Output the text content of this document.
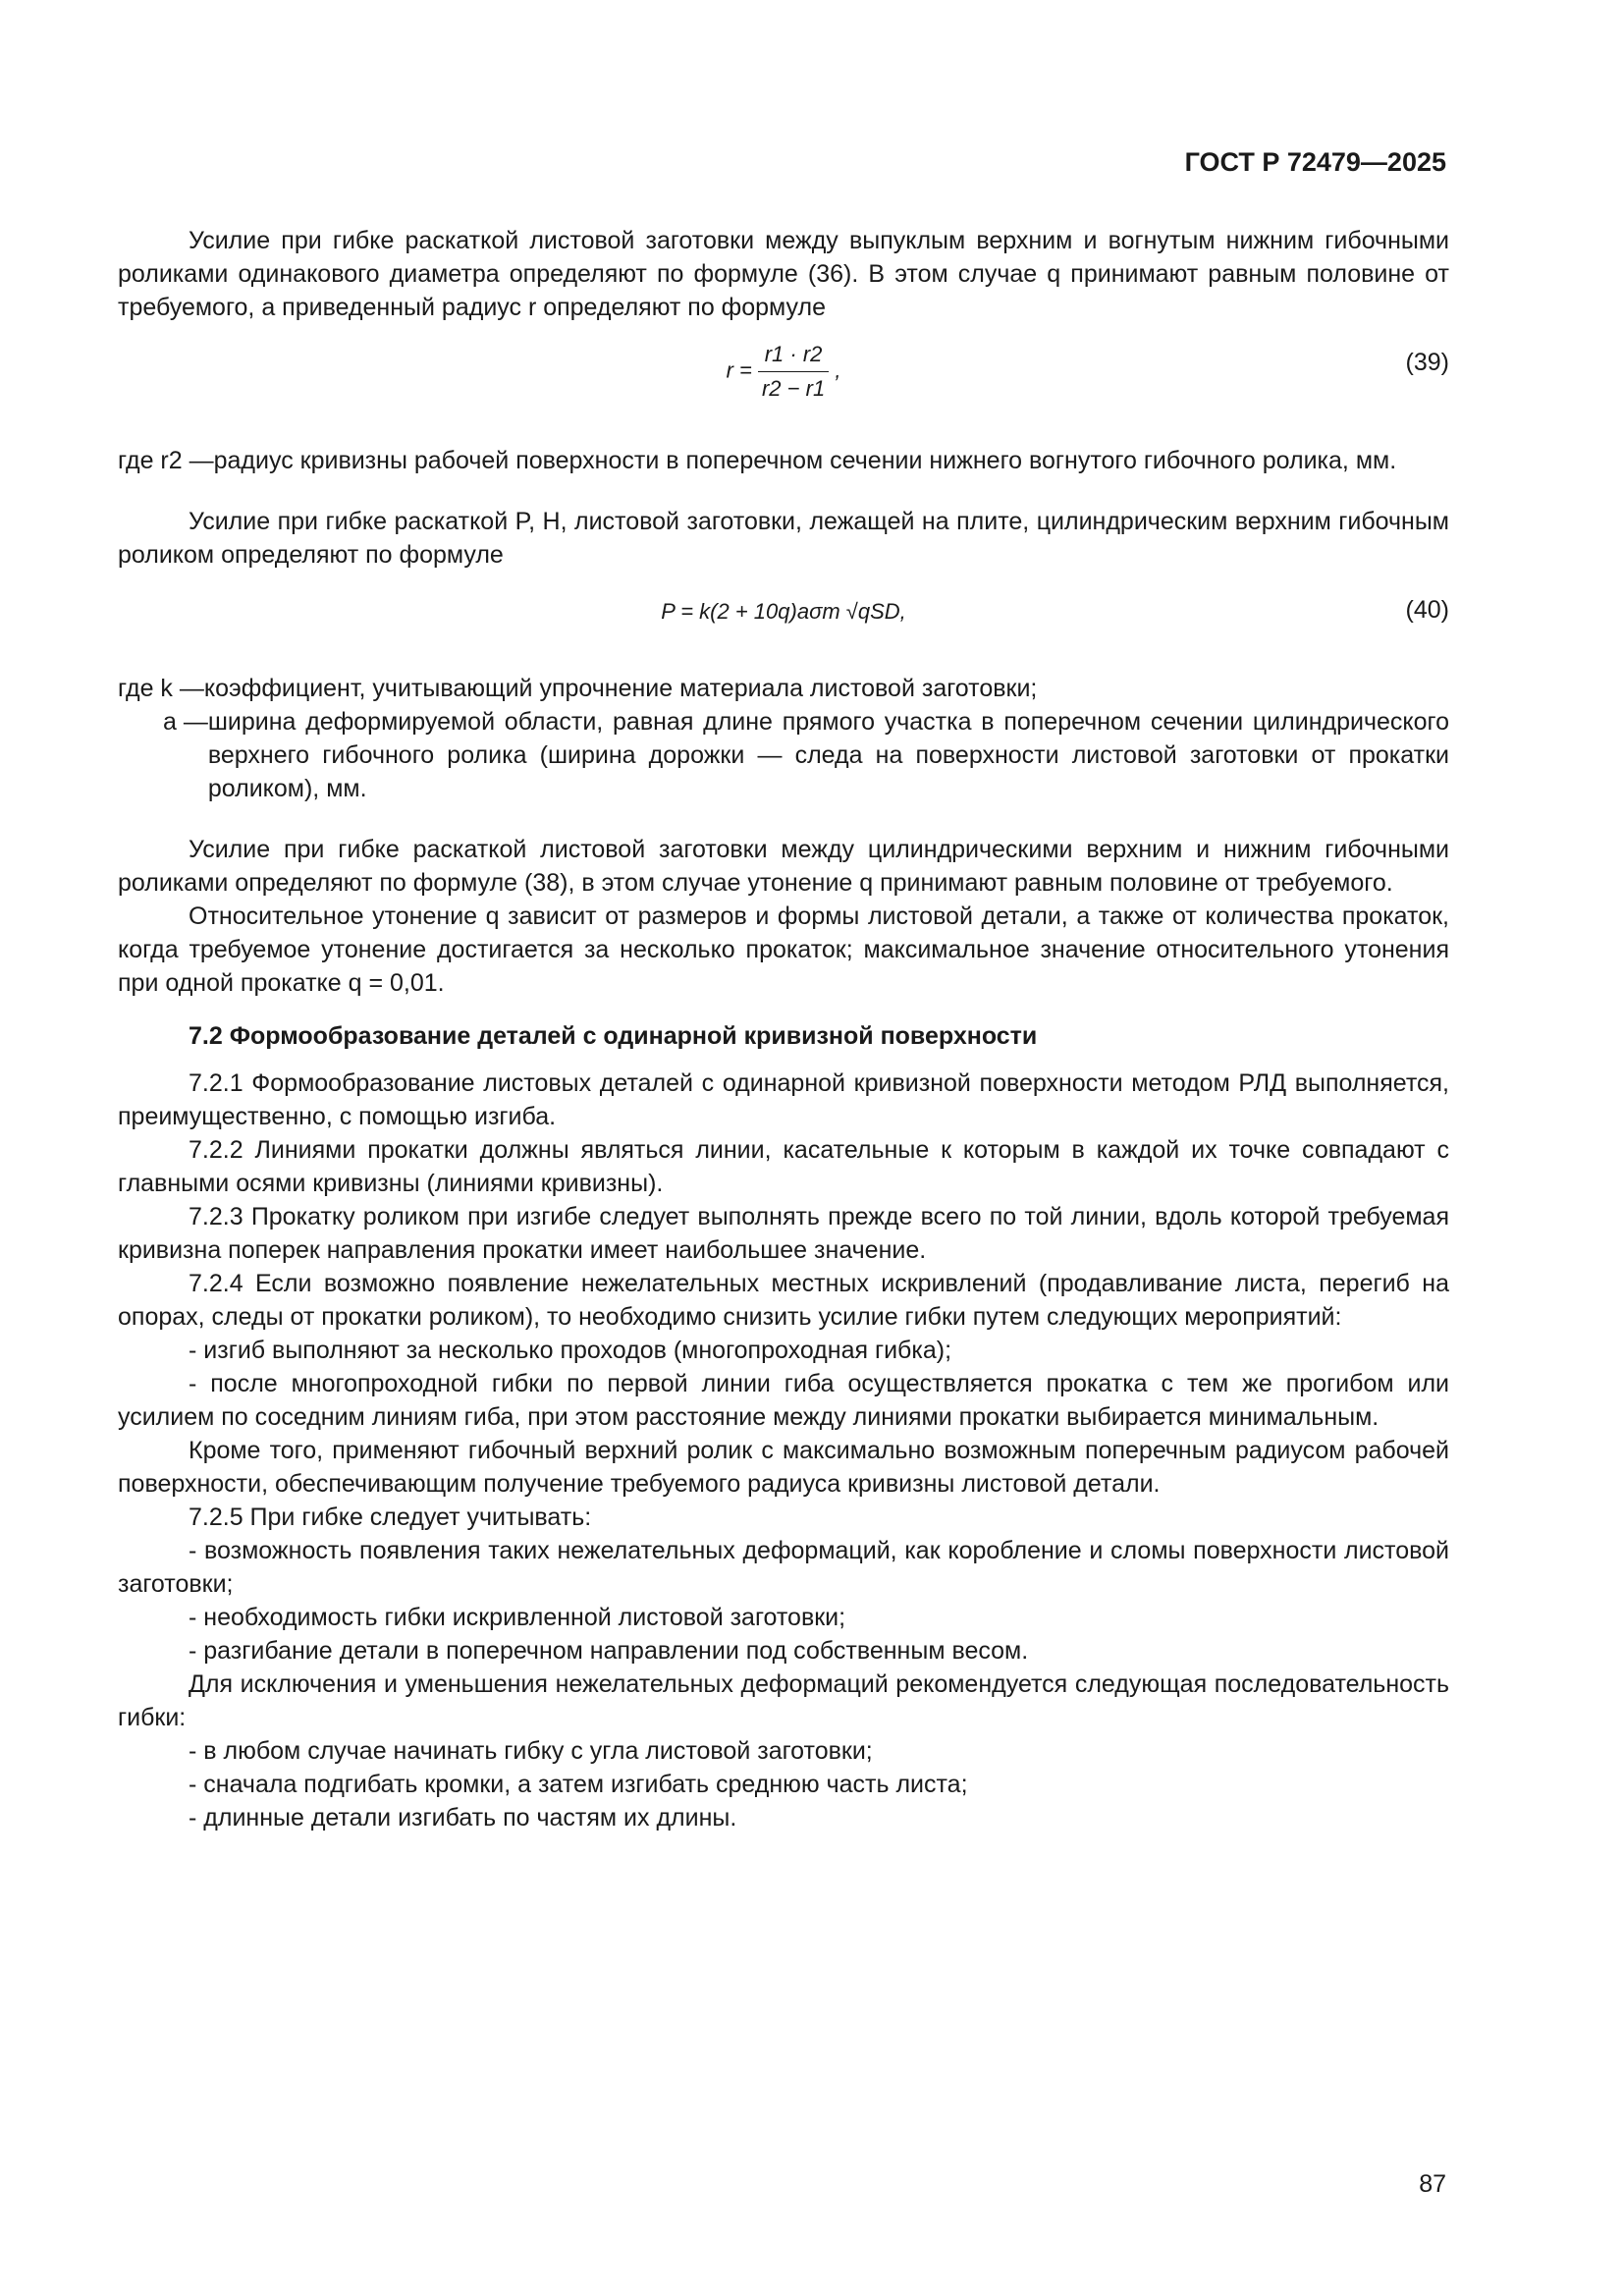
ГОСТ Р 72479—2025

Усилие при гибке раскаткой листовой заготовки между выпуклым верхним и вогнутым нижним гибочными роликами одинакового диаметра определяют по формуле (36). В этом случае q принимают равным половине от требуемого, а приведенный радиус r определяют по формуле

$r = \frac{r1 \cdot r2}{r2 - r1}$ ,	(39)
где r2 — радиус кривизны рабочей поверхности в поперечном сечении нижнего вогнутого гибочного ролика, мм.

Усилие при гибке раскаткой P, Н, листовой заготовки, лежащей на плите, цилиндрическим верхним гибочным роликом определяют по формуле

P = k(2 + 10q)aσт √qSD,	(40)
где k — коэффициент, учитывающий упрочнение материала листовой заготовки;
a — ширина деформируемой области, равная длине прямого участка в поперечном сечении цилиндрического верхнего гибочного ролика (ширина дорожки — следа на поверхности листовой заготовки от прокатки роликом), мм.

Усилие при гибке раскаткой листовой заготовки между цилиндрическими верхним и нижним гибочными роликами определяют по формуле (38), в этом случае утонение q принимают равным половине от требуемого.

Относительное утонение q зависит от размеров и формы листовой детали, а также от количества прокаток, когда требуемое утонение достигается за несколько прокаток; максимальное значение относительного утонения при одной прокатке q = 0,01.

7.2 Формообразование деталей с одинарной кривизной поверхности

7.2.1 Формообразование листовых деталей с одинарной кривизной поверхности методом РЛД выполняется, преимущественно, с помощью изгиба.

7.2.2 Линиями прокатки должны являться линии, касательные к которым в каждой их точке совпадают с главными осями кривизны (линиями кривизны).

7.2.3 Прокатку роликом при изгибе следует выполнять прежде всего по той линии, вдоль которой требуемая кривизна поперек направления прокатки имеет наибольшее значение.

7.2.4 Если возможно появление нежелательных местных искривлений (продавливание листа, перегиб на опорах, следы от прокатки роликом), то необходимо снизить усилие гибки путем следующих мероприятий:

- изгиб выполняют за несколько проходов (многопроходная гибка);

- после многопроходной гибки по первой линии гиба осуществляется прокатка с тем же прогибом или усилием по соседним линиям гиба, при этом расстояние между линиями прокатки выбирается минимальным.

Кроме того, применяют гибочный верхний ролик с максимально возможным поперечным радиусом рабочей поверхности, обеспечивающим получение требуемого радиуса кривизны листовой детали.

7.2.5 При гибке следует учитывать:

- возможность появления таких нежелательных деформаций, как коробление и сломы поверхности листовой заготовки;

- необходимость гибки искривленной листовой заготовки;

- разгибание детали в поперечном направлении под собственным весом.

Для исключения и уменьшения нежелательных деформаций рекомендуется следующая последовательность гибки:

- в любом случае начинать гибку с угла листовой заготовки;

- сначала подгибать кромки, а затем изгибать среднюю часть листа;

- длинные детали изгибать по частям их длины.

87
